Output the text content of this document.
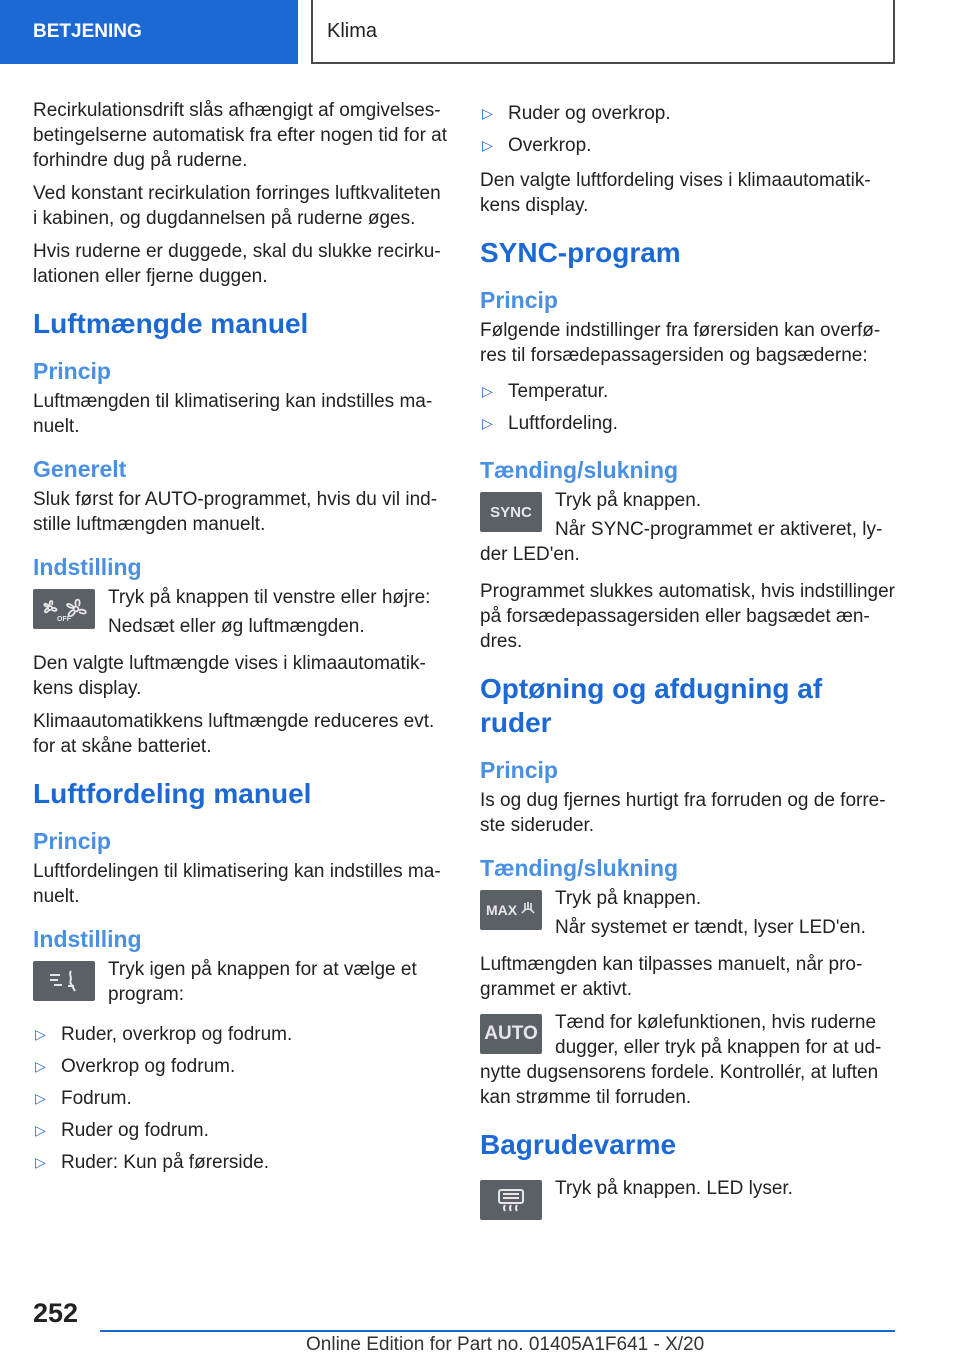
BETJENING	Klima

Recirkulationsdrift slås afhængigt af omgivelsesbetingelserne automatisk fra efter nogen tid for at forhindre dug på ruderne.

Ved konstant recirkulation forringes luftkvaliteten i kabinen, og dugdannelsen på ruderne øges.

Hvis ruderne er duggede, skal du slukke recirkulationen eller fjerne duggen.

Luftmængde manuel
Princip

Luftmængden til klimatisering kan indstilles manuelt.

Generelt

Sluk først for AUTO-programmet, hvis du vil indstille luftmængden manuelt.

Indstilling
OFF

Tryk på knappen til venstre eller højre:

Nedsæt eller øg luftmængden.

Den valgte luftmængde vises i klimaautomatikkens display.

Klimaautomatikkens luftmængde reduceres evt. for at skåne batteriet.

Luftfordeling manuel
Princip

Luftfordelingen til klimatisering kan indstilles manuelt.

Indstilling

Tryk igen på knappen for at vælge et program:

▷ Ruder, overkrop og fodrum.
▷ Overkrop og fodrum.
▷ Fodrum.
▷ Ruder og fodrum.
▷ Ruder: Kun på førerside.
▷ Ruder og overkrop.
▷ Overkrop.

Den valgte luftfordeling vises i klimaautomatikkens display.

SYNC-program
Princip

Følgende indstillinger fra førersiden kan overføres til forsædepassagersiden og bagsæderne:

▷ Temperatur.
▷ Luftfordeling.
Tænding/slukning
SYNC

Tryk på knappen.

Når SYNC-programmet er aktiveret, lyder LED'en.

Programmet slukkes automatisk, hvis indstillinger på forsædepassagersiden eller bagsædet ændres.

Optøning og afdugning af ruder
Princip

Is og dug fjernes hurtigt fra forruden og de forreste sideruder.

Tænding/slukning
MAX

Tryk på knappen.

Når systemet er tændt, lyser LED'en.

Luftmængden kan tilpasses manuelt, når programmet er aktivt.

AUTO

Tænd for kølefunktionen, hvis ruderne dugger, eller tryk på knappen for at udnytte dugsensorens fordele. Kontrollér, at luften kan strømme til forruden.

Bagrudevarme

Tryk på knappen. LED lyser.

252
Online Edition for Part no. 01405A1F641 - X/20
